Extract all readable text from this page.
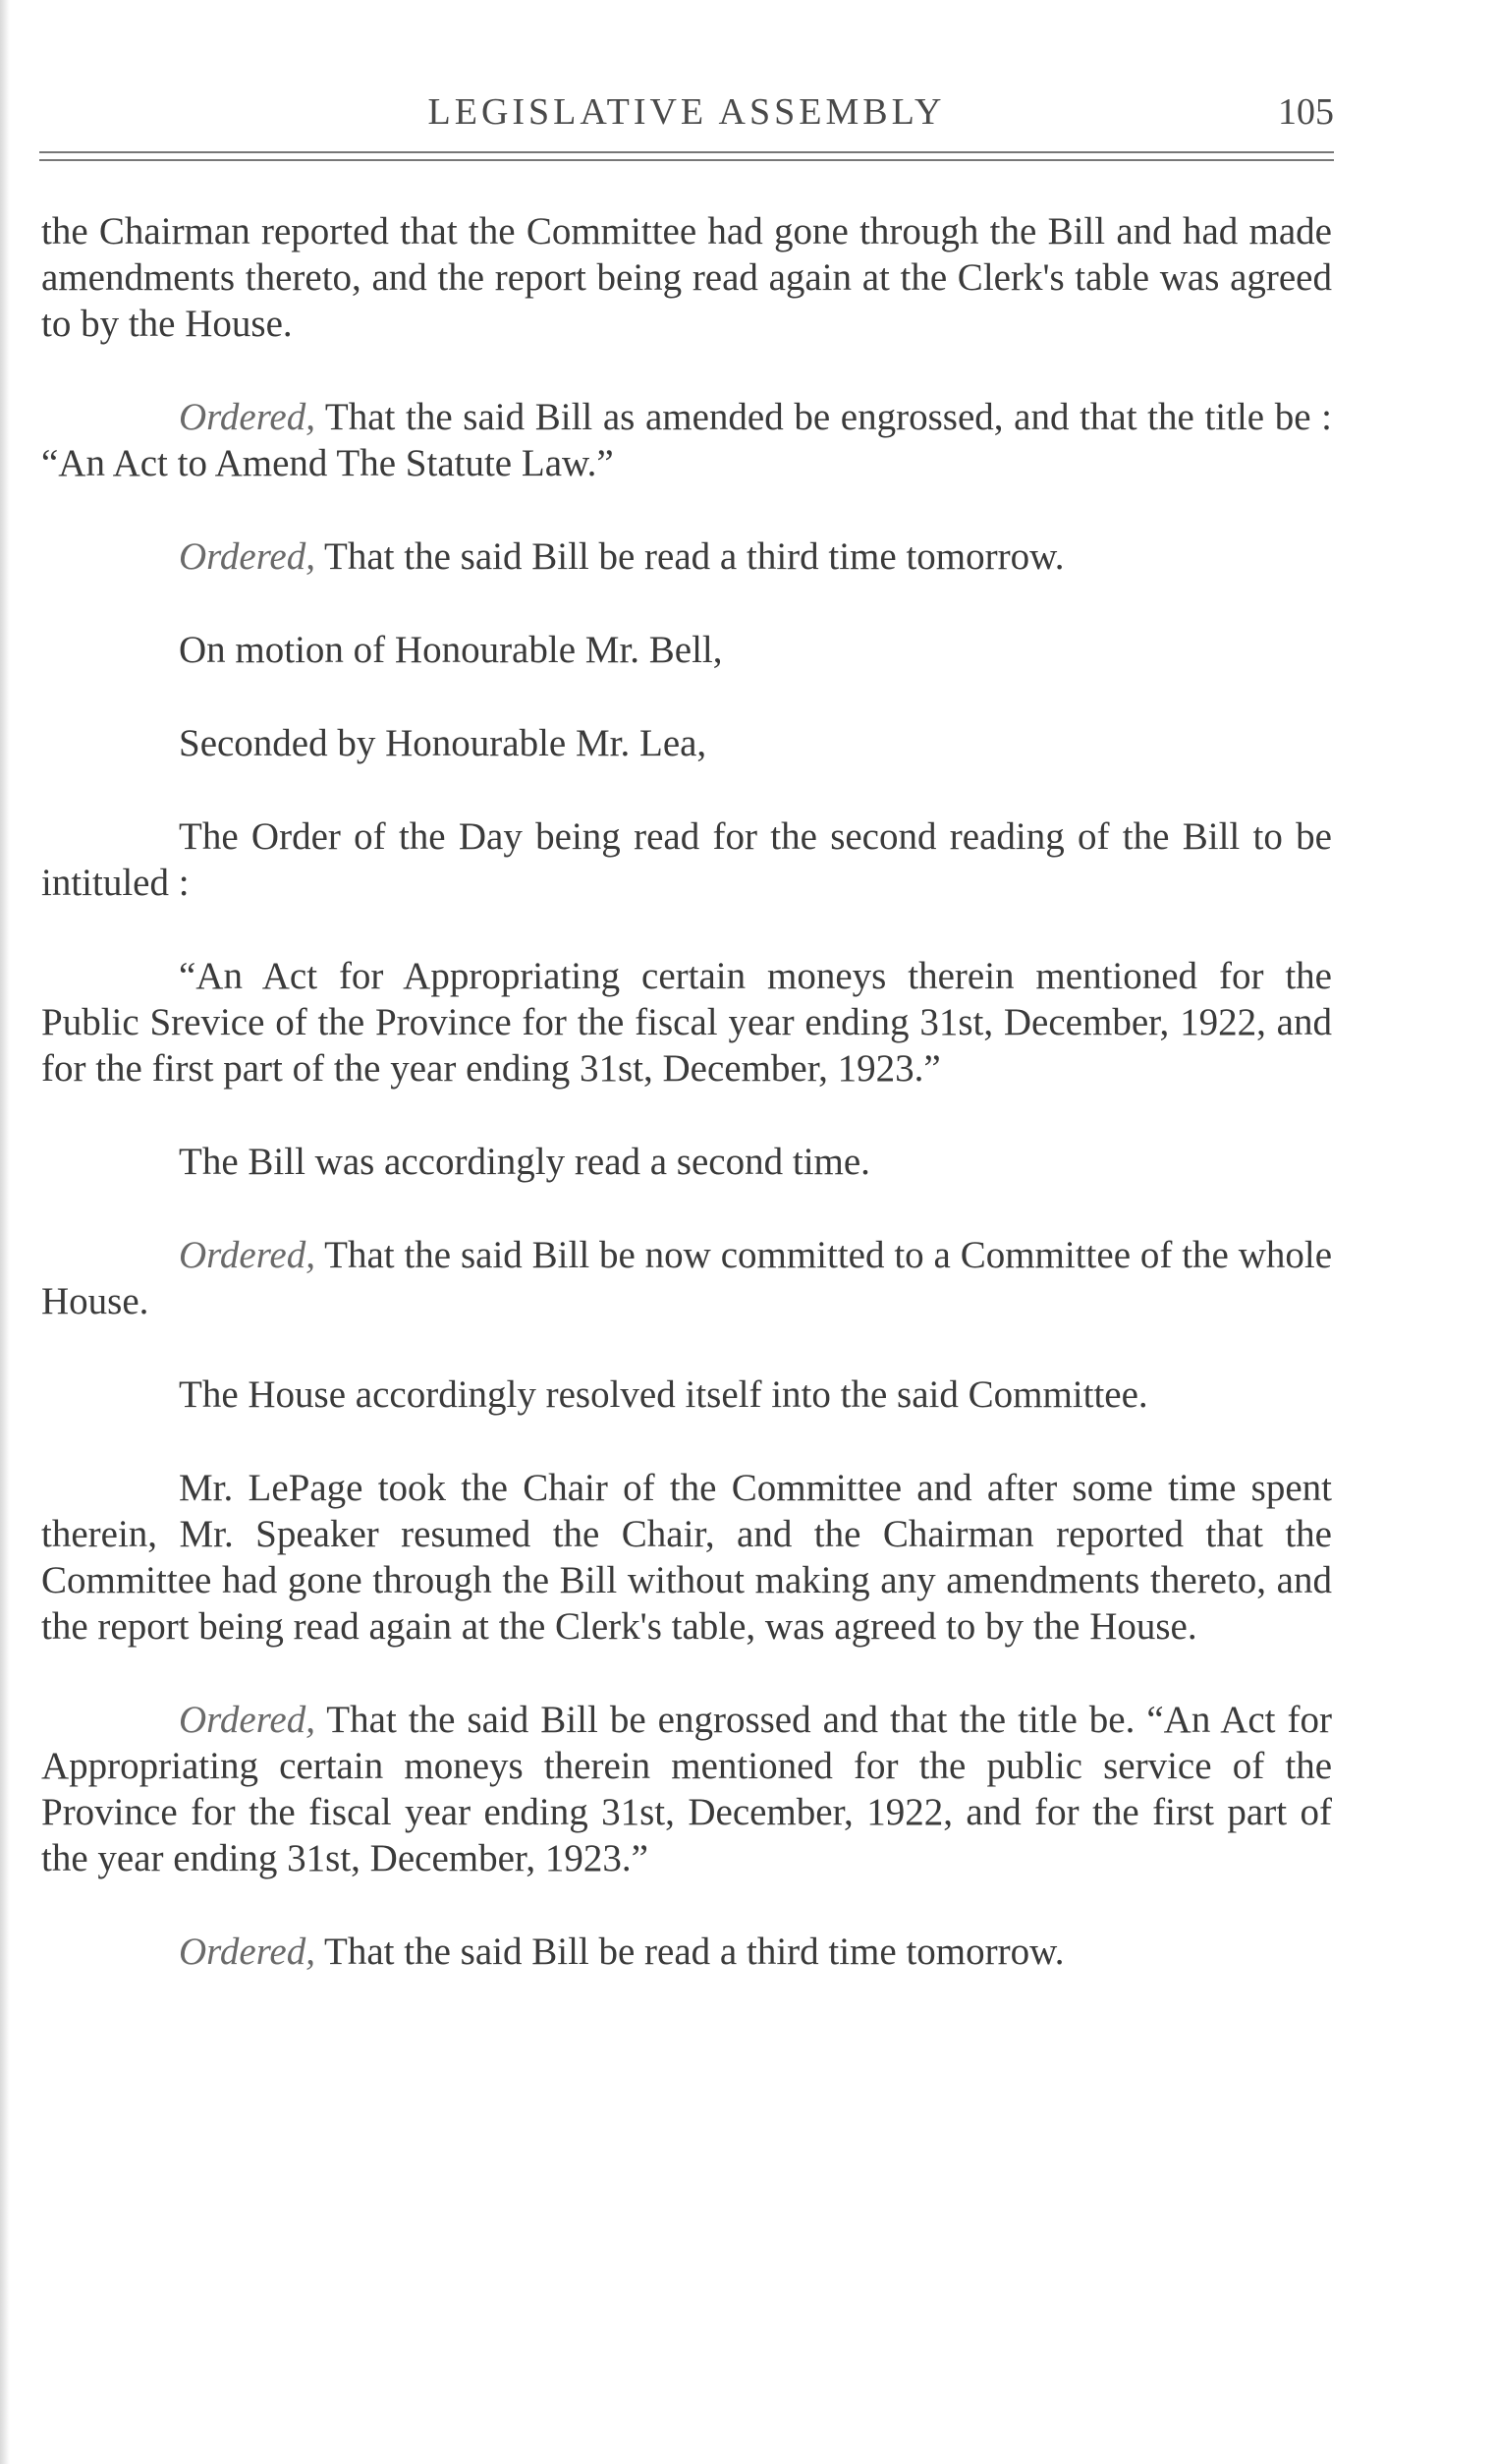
LEGISLATIVE ASSEMBLY	105

the Chairman reported that the Committee had gone through the Bill and had made amendments thereto, and the report being read again at the Clerk's table was agreed to by the House.

Ordered, That the said Bill as amended be engrossed, and that the title be : “An Act to Amend The Statute Law.”

Ordered, That the said Bill be read a third time tomorrow.

On motion of Honourable Mr. Bell,

Seconded by Honourable Mr. Lea,

The Order of the Day being read for the second reading of the Bill to be intituled :

“An Act for Appropriating certain moneys therein mentioned for the Public Srevice of the Province for the fiscal year ending 31st, December, 1922, and for the first part of the year ending 31st, December, 1923.”

The Bill was accordingly read a second time.

Ordered, That the said Bill be now committed to a Committee of the whole House.

The House accordingly resolved itself into the said Committee.

Mr. LePage took the Chair of the Committee and after some time spent therein, Mr. Speaker resumed the Chair, and the Chairman reported that the Committee had gone through the Bill without making any amendments thereto, and the report being read again at the Clerk's table, was agreed to by the House.

Ordered, That the said Bill be engrossed and that the title be. “An Act for Appropriating certain moneys therein mentioned for the public service of the Province for the fiscal year ending 31st, December, 1922, and for the first part of the year ending 31st, December, 1923.”

Ordered, That the said Bill be read a third time tomorrow.
